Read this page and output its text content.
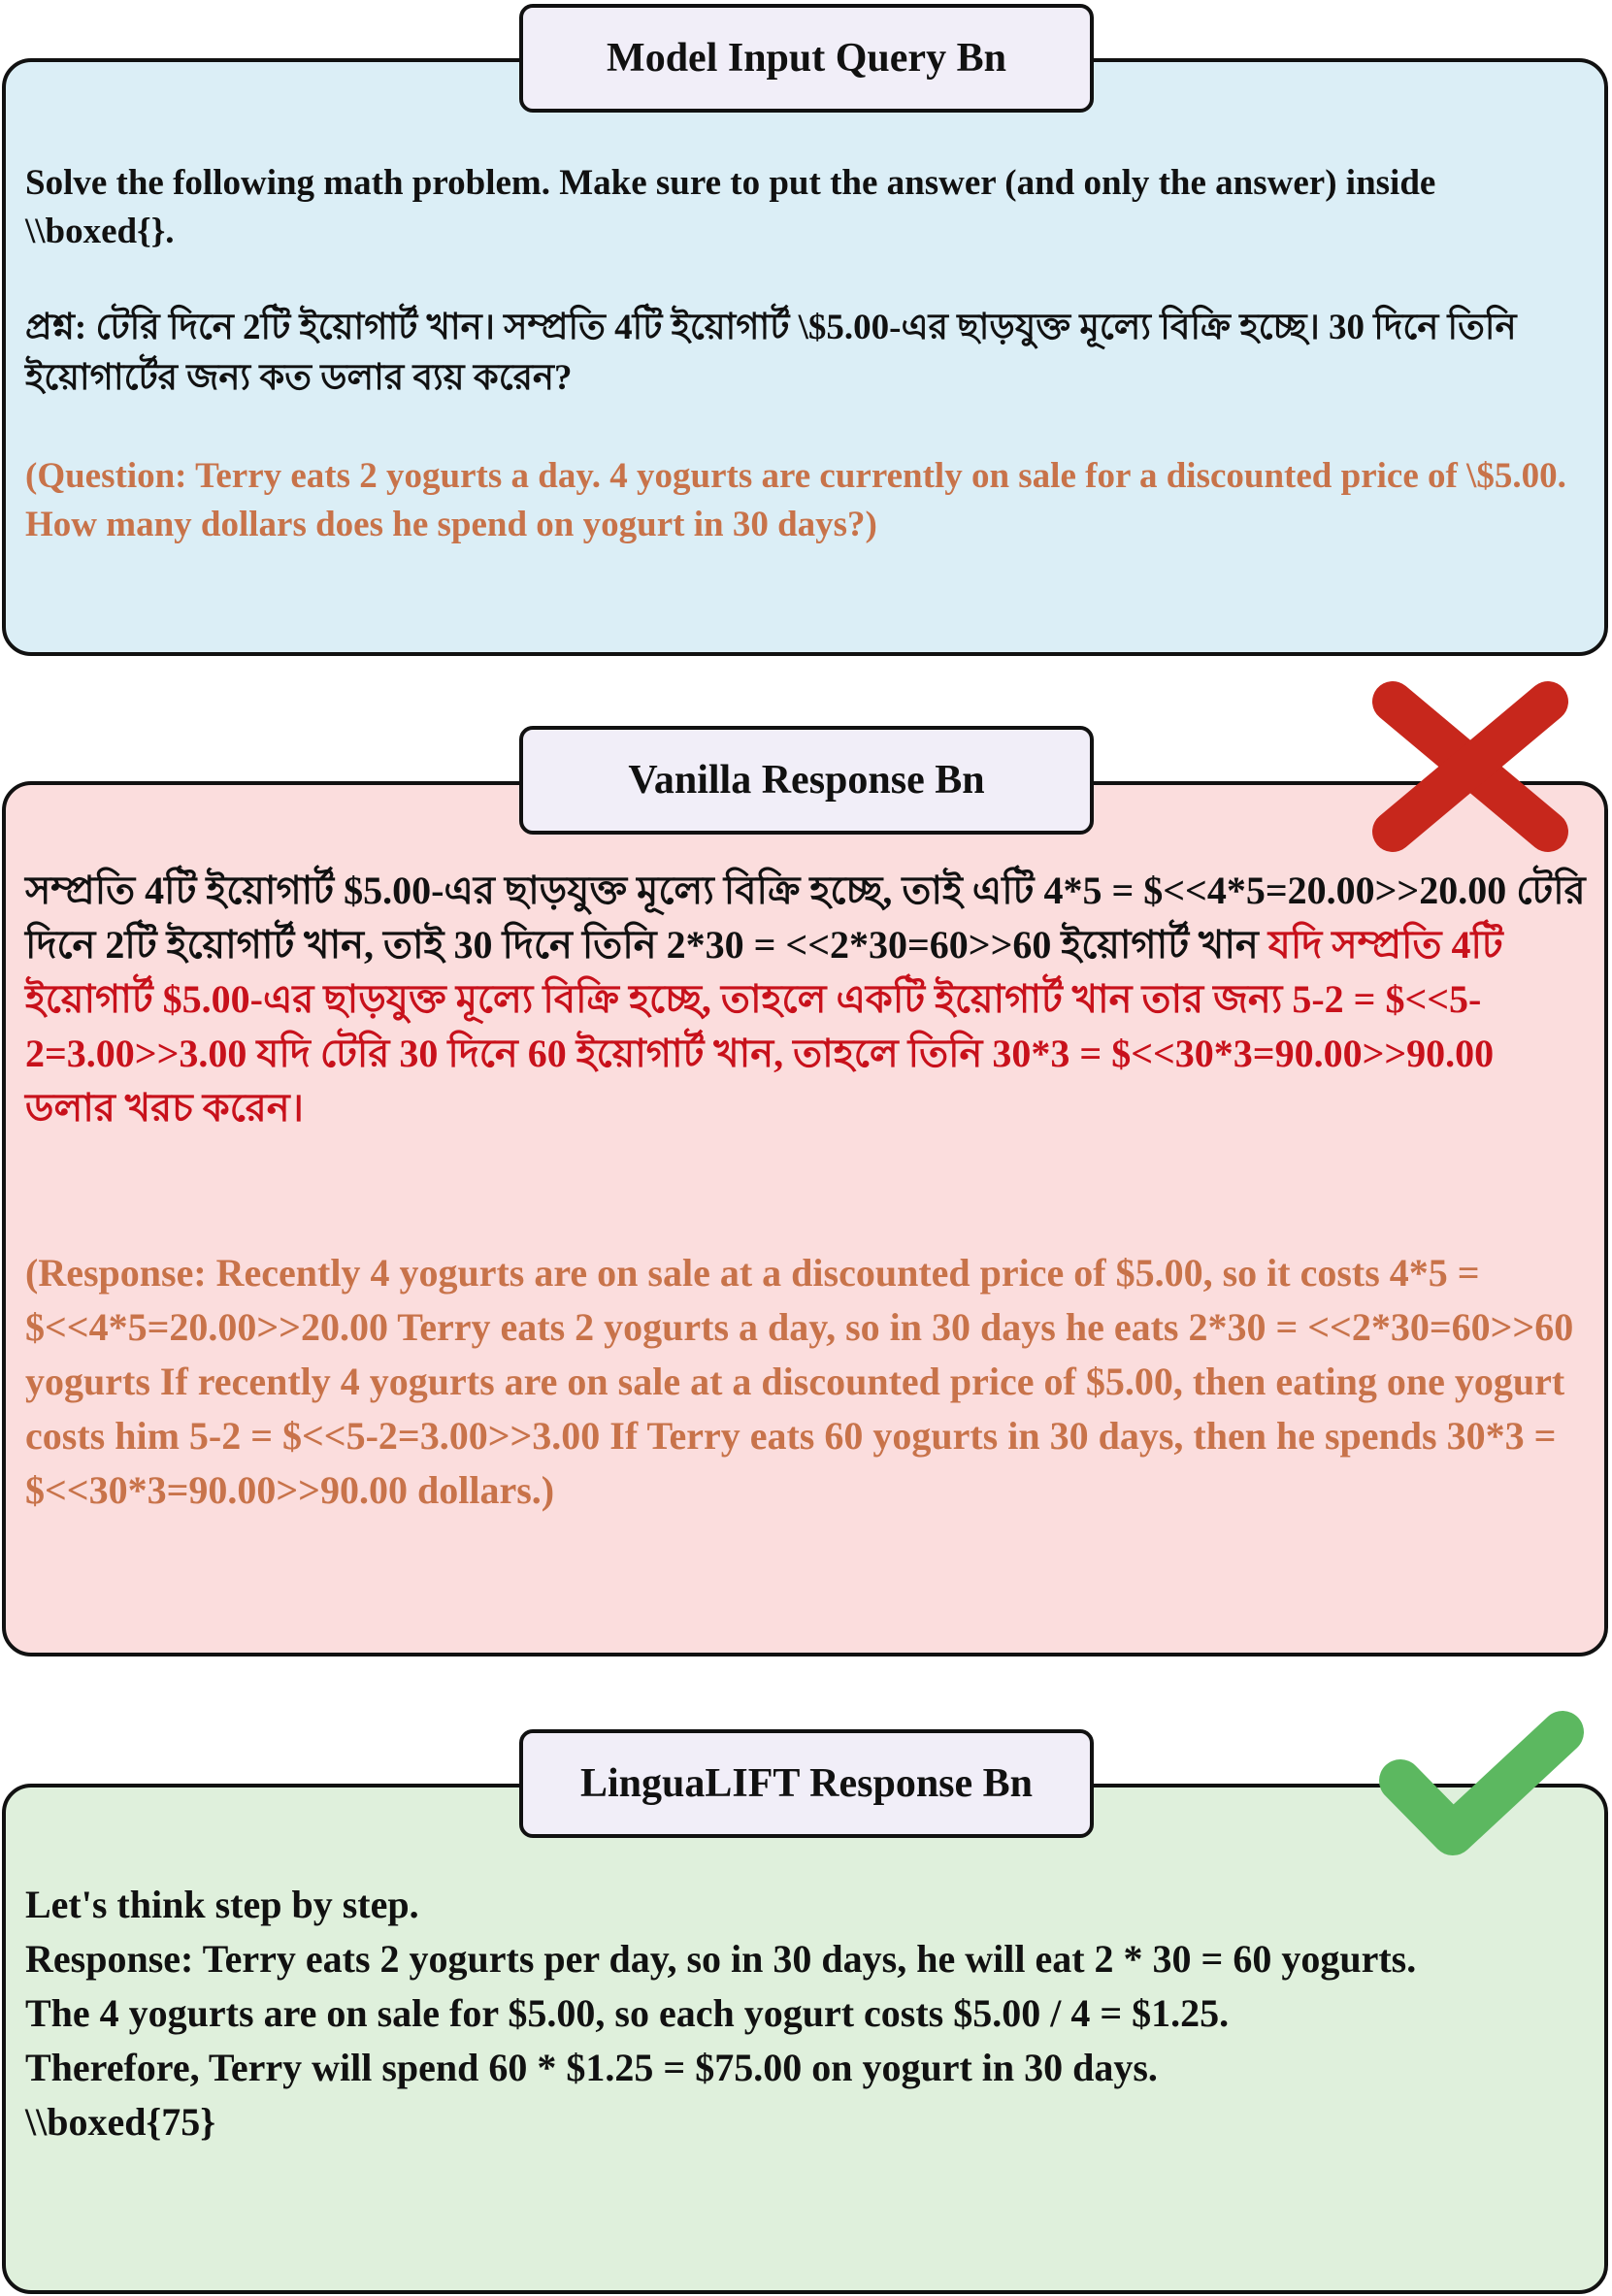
Model Input Query Bn
Solve the following math problem. Make sure to put the answer (and only the answer) inside \\boxed{}.
প্রশ্ন: টেরি দিনে 2টি ইয়োগার্ট খান। সম্প্রতি 4টি ইয়োগার্ট \$5.00-এর ছাড়যুক্ত মূল্যে বিক্রি হচ্ছে। 30 দিনে তিনি ইয়োগার্টের জন্য কত ডলার ব্যয় করেন?
(Question: Terry eats 2 yogurts a day. 4 yogurts are currently on sale for a discounted price of \$5.00. How many dollars does he spend on yogurt in 30 days?)
Vanilla Response Bn
সম্প্রতি 4টি ইয়োগার্ট $5.00-এর ছাড়যুক্ত মূল্যে বিক্রি হচ্ছে, তাই এটি 4*5 = $<<4*5=20.00>>20.00 টেরি দিনে 2টি ইয়োগার্ট খান, তাই 30 দিনে তিনি 2*30 = <<2*30=60>>60 ইয়োগার্ট খান যদি সম্প্রতি 4টি ইয়োগার্ট $5.00-এর ছাড়যুক্ত মূল্যে বিক্রি হচ্ছে, তাহলে একটি ইয়োগার্ট খান তার জন্য 5-2 = $<<5-2=3.00>>3.00 যদি টেরি 30 দিনে 60 ইয়োগার্ট খান, তাহলে তিনি 30*3 = $<<30*3=90.00>>90.00 ডলার খরচ করেন।
(Response: Recently 4 yogurts are on sale at a discounted price of $5.00, so it costs 4*5 = $<<4*5=20.00>>20.00 Terry eats 2 yogurts a day, so in 30 days he eats 2*30 = <<2*30=60>>60 yogurts If recently 4 yogurts are on sale at a discounted price of $5.00, then eating one yogurt costs him 5-2 = $<<5-2=3.00>>3.00 If Terry eats 60 yogurts in 30 days, then he spends 30*3 = $<<30*3=90.00>>90.00 dollars.)
LinguaLIFT Response Bn

Let's think step by step.

Response: Terry eats 2 yogurts per day, so in 30 days, he will eat 2 * 30 = 60 yogurts.

The 4 yogurts are on sale for $5.00, so each yogurt costs $5.00 / 4 = $1.25.

Therefore, Terry will spend 60 * $1.25 = $75.00 on yogurt in 30 days.

\\boxed{75}
